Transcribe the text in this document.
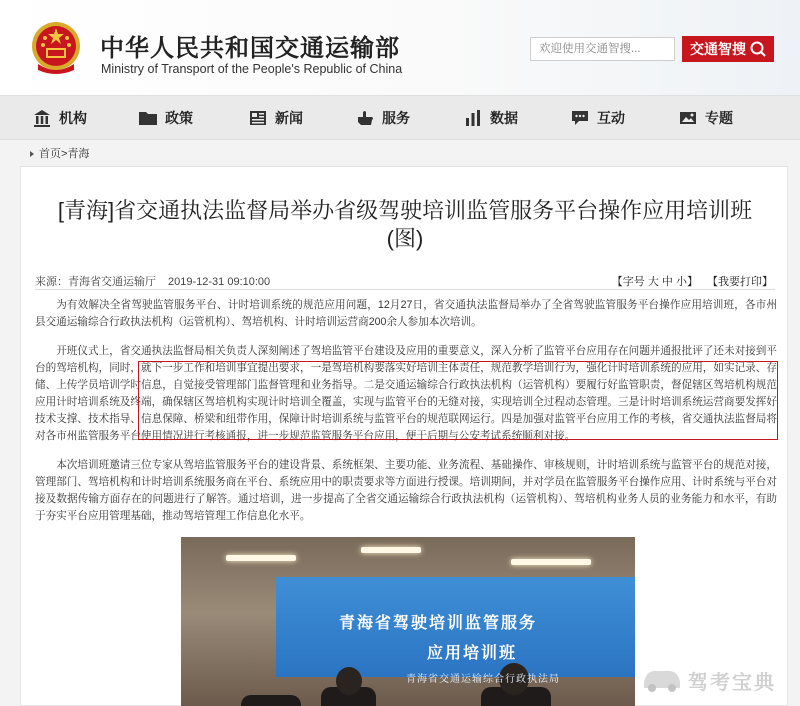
中华人民共和国交通运输部
Ministry of Transport of the People's Republic of China
欢迎使用交通智搜...	交通智搜
机构	政策	新闻	服务	数据	互动	专题
首页>青海
[青海]省交通执法监督局举办省级驾驶培训监管服务平台操作应用培训班
(图)
来源：青海省交通运输厅 2019-12-31 09:10:00	【字号 大 中 小】 【我要打印】
为有效解决全省驾驶监管服务平台、计时培训系统的规范应用问题，12月27日，省交通执法监督局举办了全省驾驶监管服务平台操作应用培训班，各市州县交通运输综合行政执法机构（运管机构）、驾培机构、计时培训运营商200余人参加本次培训。
开班仪式上，省交通执法监督局相关负责人深刻阐述了驾培监管平台建设及应用的重要意义，深入分析了监管平台应用存在问题并通报批评了还未对接到平台的驾培机构，同时，就下一步工作和培训事宜提出要求，一是驾培机构要落实好培训主体责任，规范教学培训行为，强化计时培训系统的应用，如实记录、存储、上传学员培训学时信息，自觉接受管理部门监督管理和业务指导。二是交通运输综合行政执法机构（运管机构）要履行好监管职责，督促辖区驾培机构规范应用计时培训系统及终端，确保辖区驾培机构实现计时培训全覆盖，实现与监管平台的无缝对接，实现培训全过程动态管理。三是计时培训系统运营商要发挥好技术支撑、技术指导、信息保障、桥梁和纽带作用，保障计时培训系统与监管平台的规范联网运行。四是加强对监管平台应用工作的考核，省交通执法监督局将对各市州监管服务平台使用情况进行考核通报，进一步规范监管服务平台应用，便于后期与公安考试系统顺利对接。
本次培训班邀请三位专家从驾培监管服务平台的建设背景、系统框架、主要功能、业务流程、基础操作、审核规则，计时培训系统与监管平台的规范对接，管理部门、驾培机构和计时培训系统服务商在平台、系统应用中的职责要求等方面进行授课。培训期间，并对学员在监管服务平台操作应用、计时系统与平台对接及数据传输方面存在的问题进行了解答。通过培训，进一步提高了全省交通运输综合行政执法机构（运管机构）、驾培机构业务人员的业务能力和水平，有助于夯实平台应用管理基础，推动驾培管理工作信息化水平。
青海省驾驶培训监管服务
应用培训班
青海省交通运输综合行政执法局	驾考宝典
